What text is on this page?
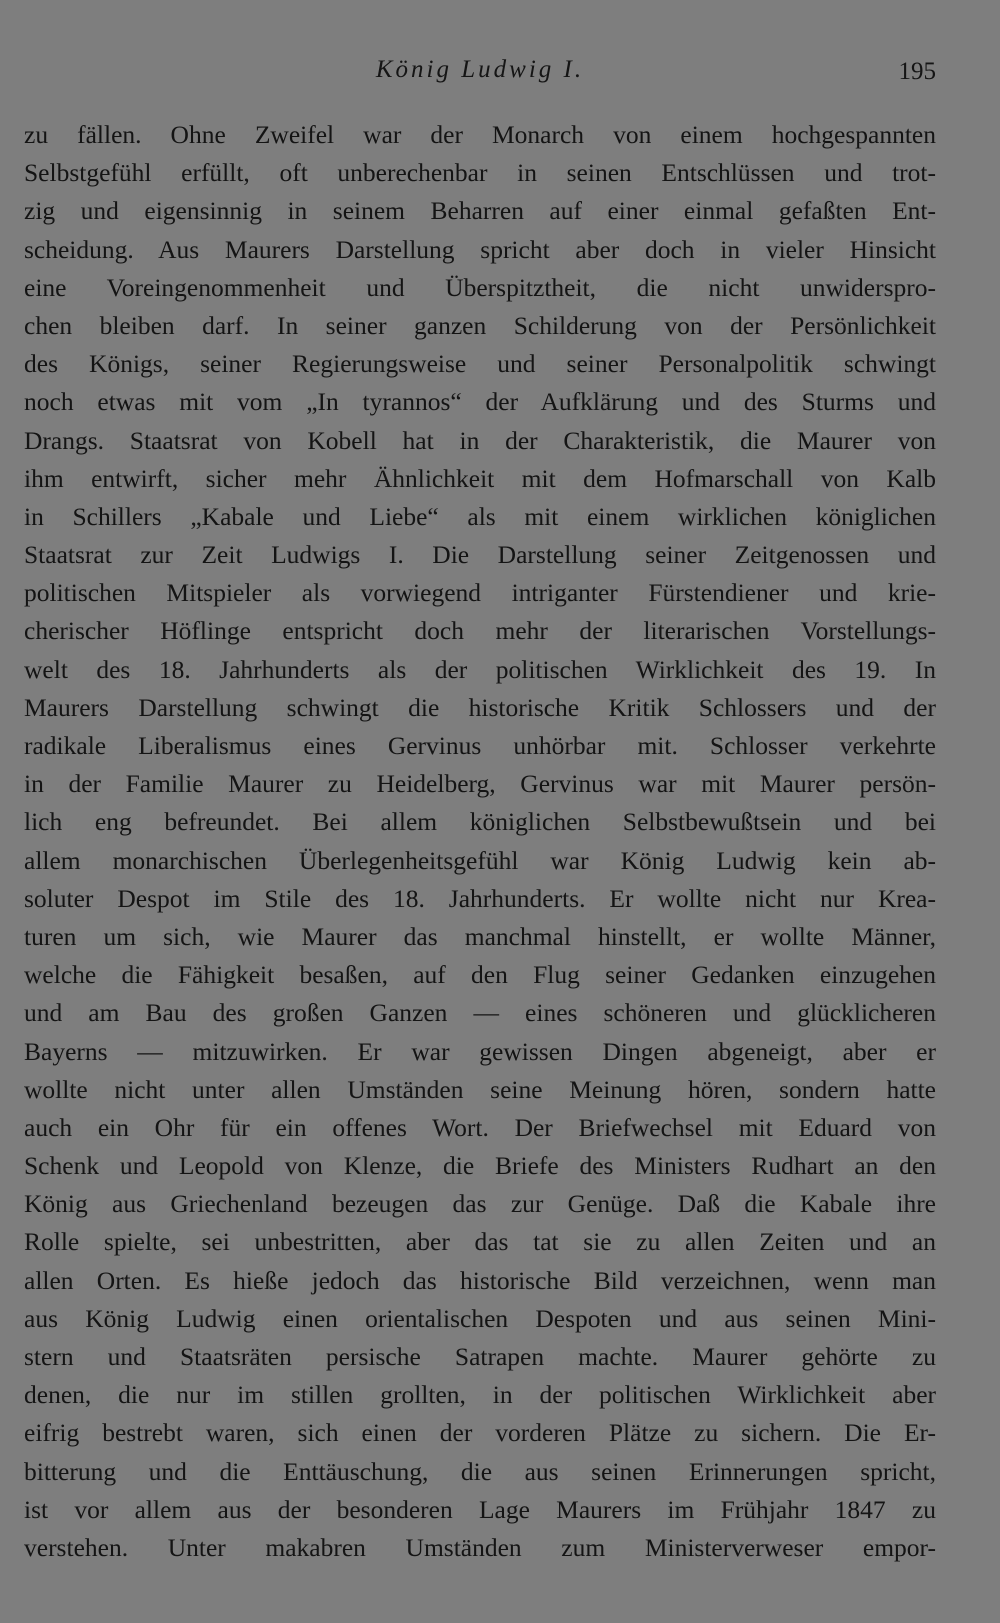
König Ludwig I.	195
zu fällen. Ohne Zweifel war der Monarch von einem hochgespannten
Selbstgefühl erfüllt, oft unberechenbar in seinen Entschlüssen und trot-
zig und eigensinnig in seinem Beharren auf einer einmal gefaßten Ent-
scheidung. Aus Maurers Darstellung spricht aber doch in vieler Hinsicht
eine Voreingenommenheit und Überspitztheit, die nicht unwiderspro-
chen bleiben darf. In seiner ganzen Schilderung von der Persönlichkeit
des Königs, seiner Regierungsweise und seiner Personalpolitik schwingt
noch etwas mit vom „In tyrannos“ der Aufklärung und des Sturms und
Drangs. Staatsrat von Kobell hat in der Charakteristik, die Maurer von
ihm entwirft, sicher mehr Ähnlichkeit mit dem Hofmarschall von Kalb
in Schillers „Kabale und Liebe“ als mit einem wirklichen königlichen
Staatsrat zur Zeit Ludwigs I. Die Darstellung seiner Zeitgenossen und
politischen Mitspieler als vorwiegend intriganter Fürstendiener und krie-
cherischer Höflinge entspricht doch mehr der literarischen Vorstellungs-
welt des 18. Jahrhunderts als der politischen Wirklichkeit des 19. In
Maurers Darstellung schwingt die historische Kritik Schlossers und der
radikale Liberalismus eines Gervinus unhörbar mit. Schlosser verkehrte
in der Familie Maurer zu Heidelberg, Gervinus war mit Maurer persön-
lich eng befreundet. Bei allem königlichen Selbstbewußtsein und bei
allem monarchischen Überlegenheitsgefühl war König Ludwig kein ab-
soluter Despot im Stile des 18. Jahrhunderts. Er wollte nicht nur Krea-
turen um sich, wie Maurer das manchmal hinstellt, er wollte Männer,
welche die Fähigkeit besaßen, auf den Flug seiner Gedanken einzugehen
und am Bau des großen Ganzen — eines schöneren und glücklicheren
Bayerns — mitzuwirken. Er war gewissen Dingen abgeneigt, aber er
wollte nicht unter allen Umständen seine Meinung hören, sondern hatte
auch ein Ohr für ein offenes Wort. Der Briefwechsel mit Eduard von
Schenk und Leopold von Klenze, die Briefe des Ministers Rudhart an den
König aus Griechenland bezeugen das zur Genüge. Daß die Kabale ihre
Rolle spielte, sei unbestritten, aber das tat sie zu allen Zeiten und an
allen Orten. Es hieße jedoch das historische Bild verzeichnen, wenn man
aus König Ludwig einen orientalischen Despoten und aus seinen Mini-
stern und Staatsräten persische Satrapen machte. Maurer gehörte zu
denen, die nur im stillen grollten, in der politischen Wirklichkeit aber
eifrig bestrebt waren, sich einen der vorderen Plätze zu sichern. Die Er-
bitterung und die Enttäuschung, die aus seinen Erinnerungen spricht,
ist vor allem aus der besonderen Lage Maurers im Frühjahr 1847 zu
verstehen. Unter makabren Umständen zum Ministerverweser empor-
